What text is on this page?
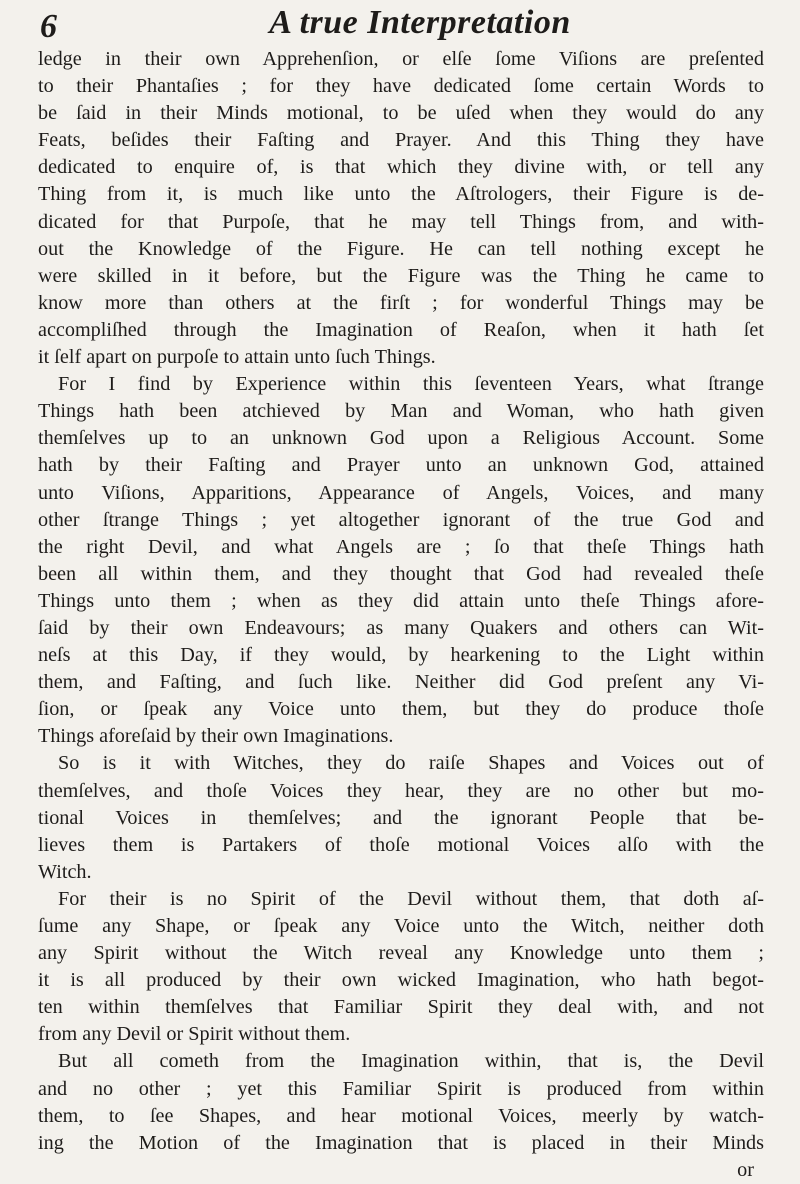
6	A true Interpretation
ledge in their own Apprehenſion, or elſe ſome Viſions are preſented
to their Phantaſies ; for they have dedicated ſome certain Words to
be ſaid in their Minds motional, to be uſed when they would do any
Feats, beſides their Faſting and Prayer. And this Thing they have
dedicated to enquire of, is that which they divine with, or tell any
Thing from it, is much like unto the Aſtrologers, their Figure is de-
dicated for that Purpoſe, that he may tell Things from, and with-
out the Knowledge of the Figure. He can tell nothing except he
were skilled in it before, but the Figure was the Thing he came to
know more than others at the firſt ; for wonderful Things may be
accompliſhed through the Imagination of Reaſon, when it hath ſet
it ſelf apart on purpoſe to attain unto ſuch Things.
For I find by Experience within this ſeventeen Years, what ſtrange
Things hath been atchieved by Man and Woman, who hath given
themſelves up to an unknown God upon a Religious Account. Some
hath by their Faſting and Prayer unto an unknown God, attained
unto Viſions, Apparitions, Appearance of Angels, Voices, and many
other ſtrange Things ; yet altogether ignorant of the true God and
the right Devil, and what Angels are ; ſo that theſe Things hath
been all within them, and they thought that God had revealed theſe
Things unto them ; when as they did attain unto theſe Things afore-
ſaid by their own Endeavours; as many Quakers and others can Wit-
neſs at this Day, if they would, by hearkening to the Light within
them, and Faſting, and ſuch like. Neither did God preſent any Vi-
ſion, or ſpeak any Voice unto them, but they do produce thoſe
Things aforeſaid by their own Imaginations.
So is it with Witches, they do raiſe Shapes and Voices out of
themſelves, and thoſe Voices they hear, they are no other but mo-
tional Voices in themſelves; and the ignorant People that be-
lieves them is Partakers of thoſe motional Voices alſo with the
Witch.
For their is no Spirit of the Devil without them, that doth aſ-
ſume any Shape, or ſpeak any Voice unto the Witch, neither doth
any Spirit without the Witch reveal any Knowledge unto them ;
it is all produced by their own wicked Imagination, who hath begot-
ten within themſelves that Familiar Spirit they deal with, and not
from any Devil or Spirit without them.
But all cometh from the Imagination within, that is, the Devil
and no other ; yet this Familiar Spirit is produced from within
them, to ſee Shapes, and hear motional Voices, meerly by watch-
ing the Motion of the Imagination that is placed in their Minds
or
